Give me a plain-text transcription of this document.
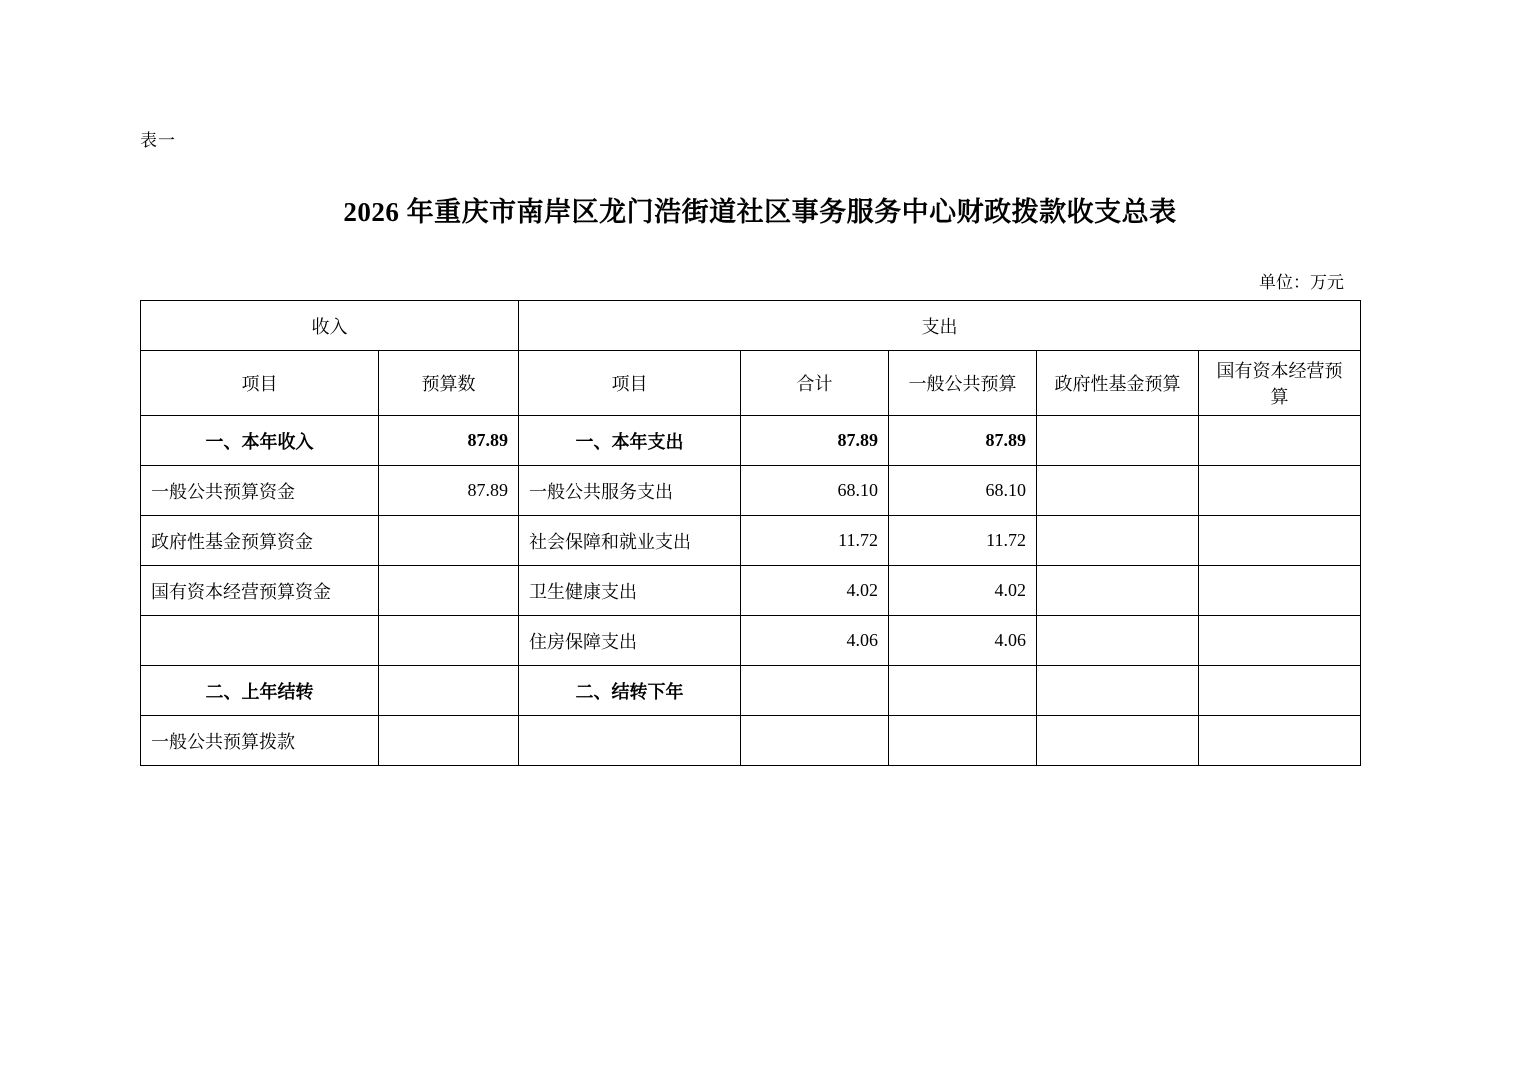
表一
2026 年重庆市南岸区龙门浩街道社区事务服务中心财政拨款收支总表
单位：万元
收入		支出				
项目	预算数	项目	合计	一般公共预算	政府性基金预算	国有资本经营预算
一、本年收入	87.89	一、本年支出	87.89	87.89		
一般公共预算资金	87.89	一般公共服务支出	68.10	68.10		
政府性基金预算资金		社会保障和就业支出	11.72	11.72		
国有资本经营预算资金		卫生健康支出	4.02	4.02		
		住房保障支出	4.06	4.06		
二、上年结转		二、结转下年				
一般公共预算拨款						
